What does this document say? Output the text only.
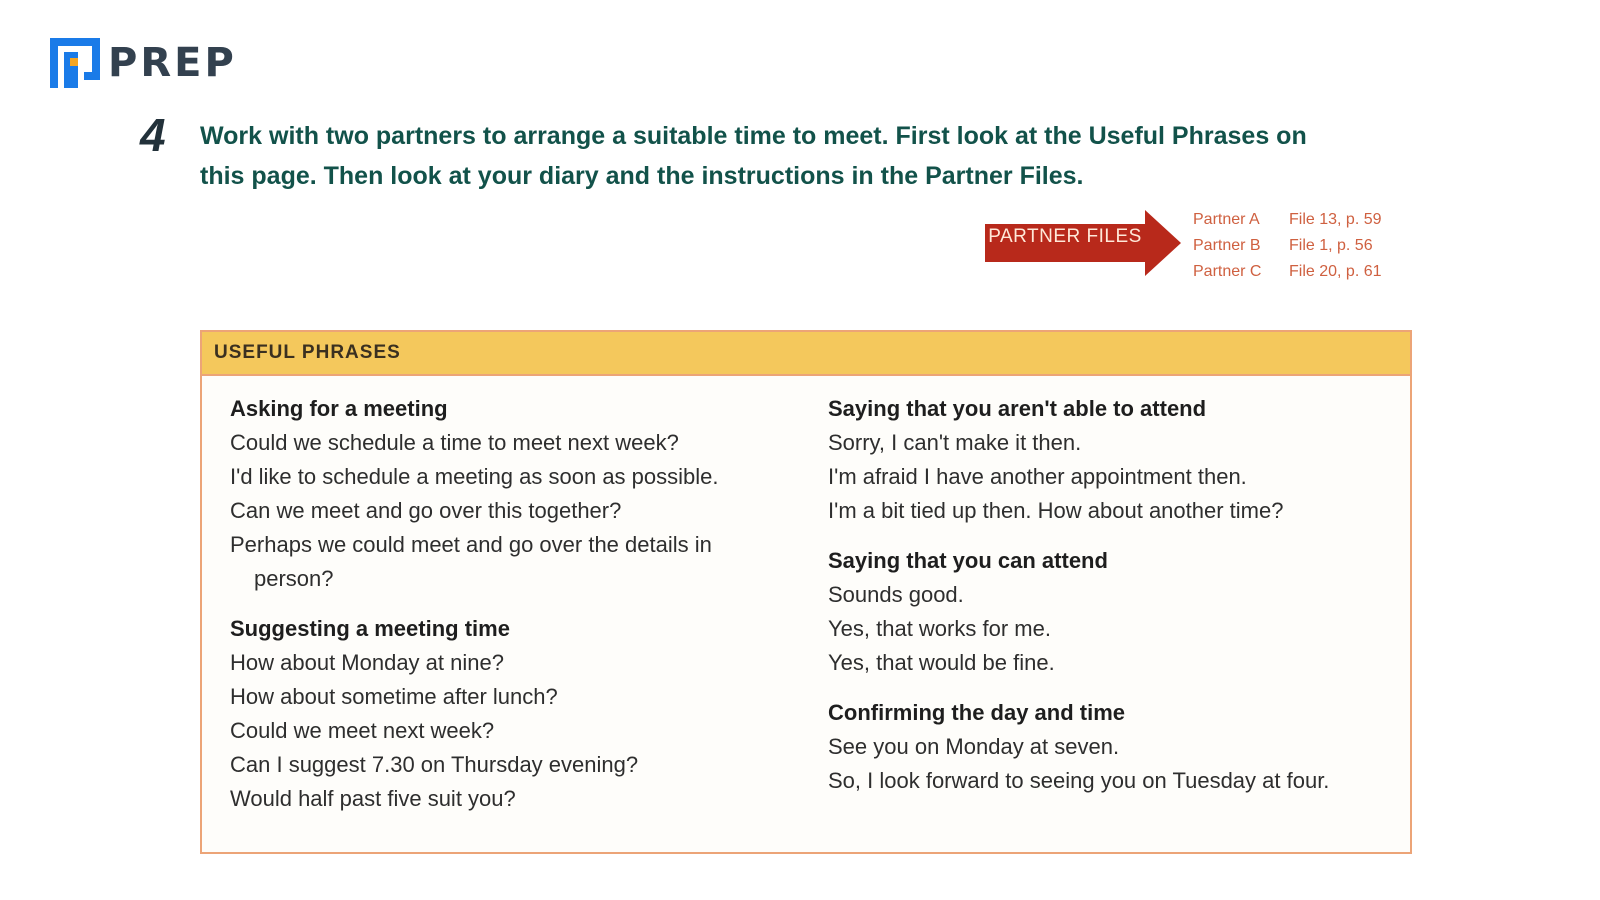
PREP
4 Work with two partners to arrange a suitable time to meet. First look at the Useful Phrases on this page. Then look at your diary and the instructions in the Partner Files.
PARTNER FILES
Partner A	File 13, p. 59
Partner B	File 1, p. 56
Partner C	File 20, p. 61
USEFUL PHRASES
Asking for a meeting
Could we schedule a time to meet next week?
I'd like to schedule a meeting as soon as possible.
Can we meet and go over this together?
Perhaps we could meet and go over the details in person?
Suggesting a meeting time
How about Monday at nine?
How about sometime after lunch?
Could we meet next week?
Can I suggest 7.30 on Thursday evening?
Would half past five suit you?
Saying that you aren't able to attend
Sorry, I can't make it then.
I'm afraid I have another appointment then.
I'm a bit tied up then. How about another time?
Saying that you can attend
Sounds good.
Yes, that works for me.
Yes, that would be fine.
Confirming the day and time
See you on Monday at seven.
So, I look forward to seeing you on Tuesday at four.
